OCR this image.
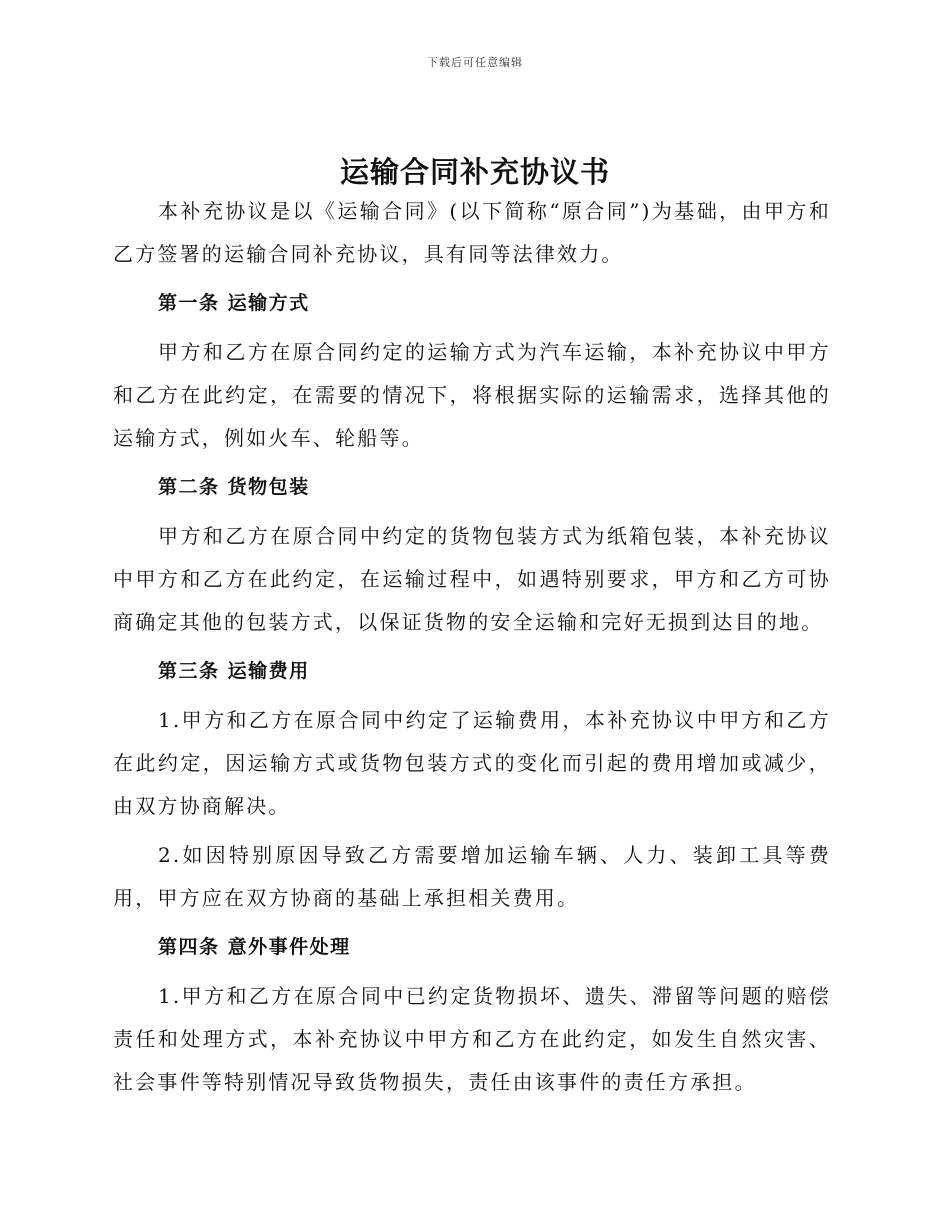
下载后可任意编辑
运输合同补充协议书

本补充协议是以《运输合同》(以下简称“原合同”)为基础，由甲方和乙方签署的运输合同补充协议，具有同等法律效力。

第一条 运输方式

甲方和乙方在原合同约定的运输方式为汽车运输，本补充协议中甲方和乙方在此约定，在需要的情况下，将根据实际的运输需求，选择其他的运输方式，例如火车、轮船等。

第二条 货物包装

甲方和乙方在原合同中约定的货物包装方式为纸箱包装，本补充协议中甲方和乙方在此约定，在运输过程中，如遇特别要求，甲方和乙方可协商确定其他的包装方式，以保证货物的安全运输和完好无损到达目的地。

第三条 运输费用

1.甲方和乙方在原合同中约定了运输费用，本补充协议中甲方和乙方在此约定，因运输方式或货物包装方式的变化而引起的费用增加或减少，由双方协商解决。

2.如因特别原因导致乙方需要增加运输车辆、人力、装卸工具等费用，甲方应在双方协商的基础上承担相关费用。

第四条 意外事件处理

1.甲方和乙方在原合同中已约定货物损坏、遗失、滞留等问题的赔偿责任和处理方式，本补充协议中甲方和乙方在此约定，如发生自然灾害、社会事件等特别情况导致货物损失，责任由该事件的责任方承担。
